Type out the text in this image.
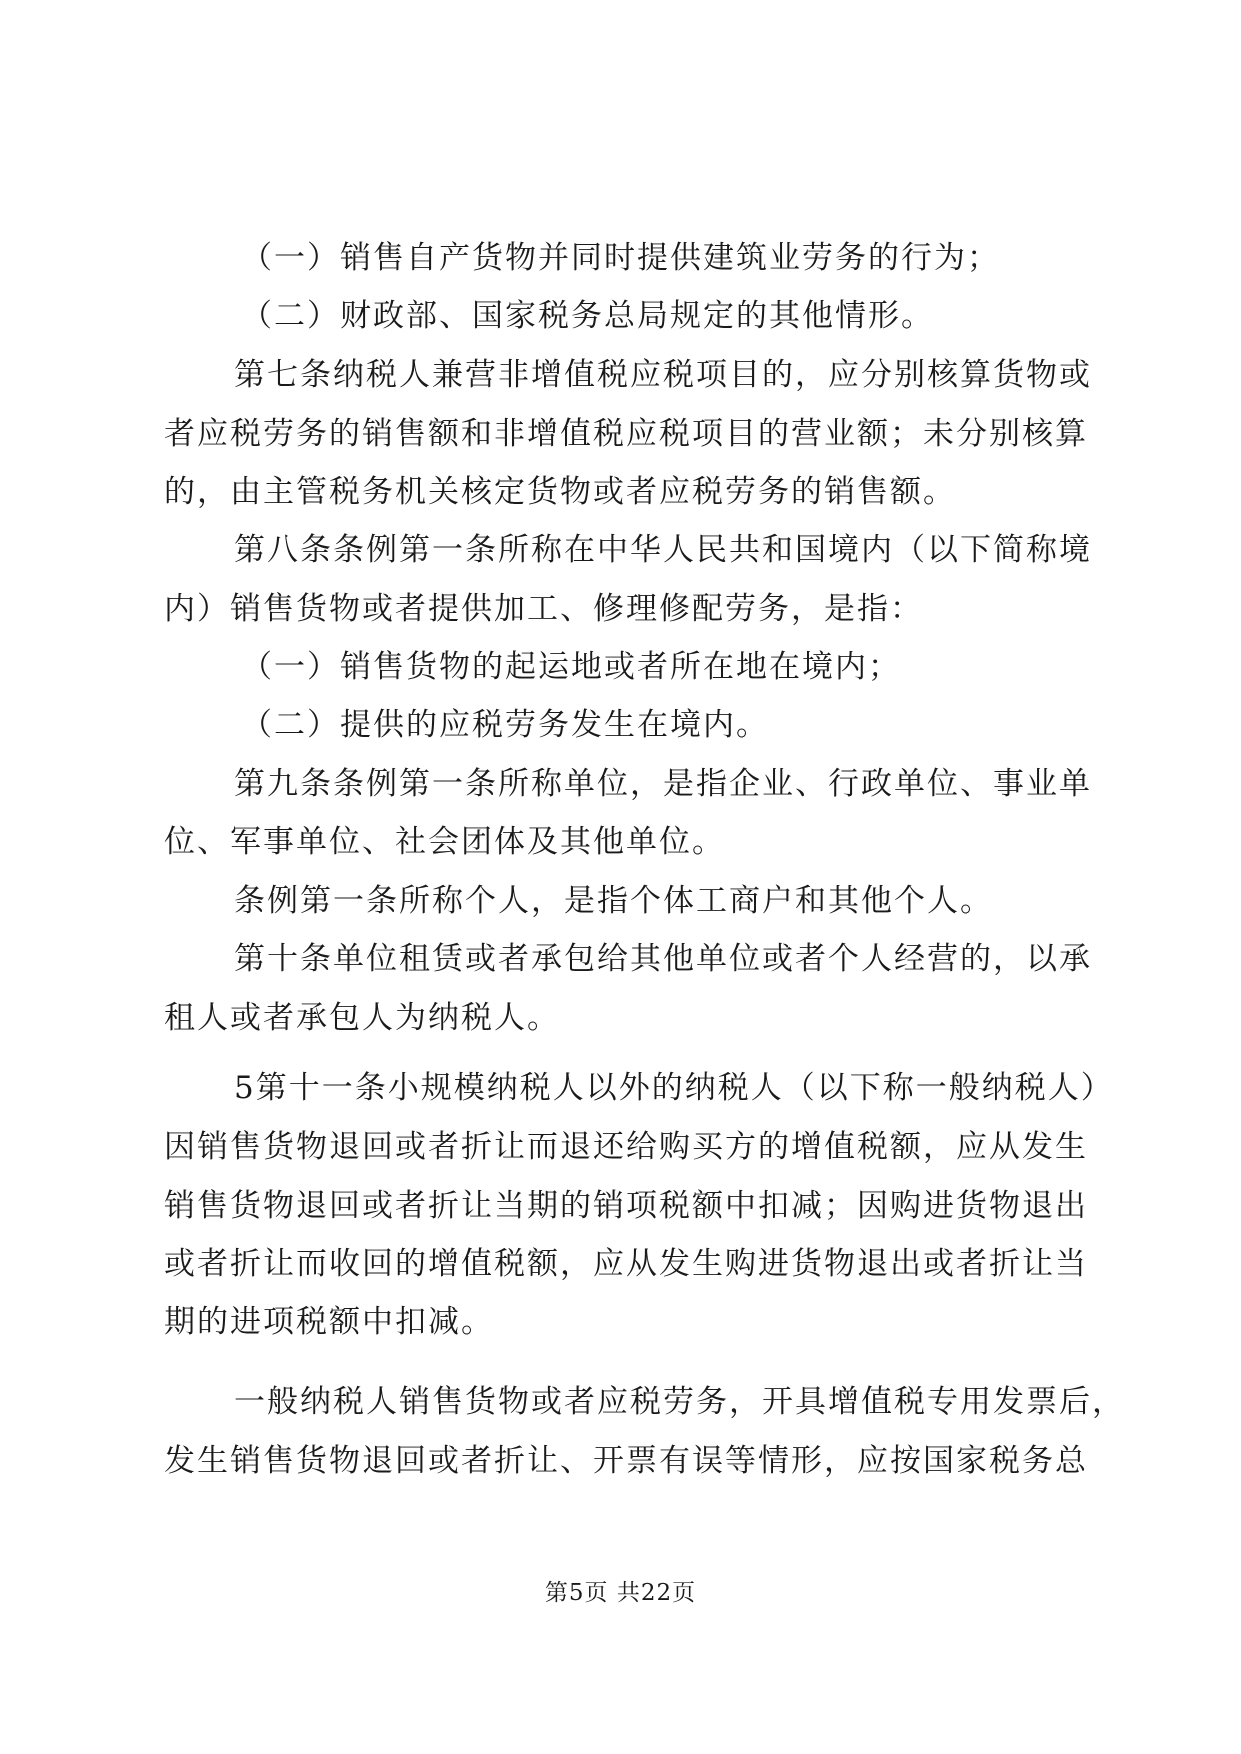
（一）销售自产货物并同时提供建筑业劳务的行为；
（二）财政部、国家税务总局规定的其他情形。
第七条纳税人兼营非增值税应税项目的，应分别核算货物或
者应税劳务的销售额和非增值税应税项目的营业额；未分别核算
的，由主管税务机关核定货物或者应税劳务的销售额。
第八条条例第一条所称在中华人民共和国境内（以下简称境
内）销售货物或者提供加工、修理修配劳务，是指：
（一）销售货物的起运地或者所在地在境内；
（二）提供的应税劳务发生在境内。
第九条条例第一条所称单位，是指企业、行政单位、事业单
位、军事单位、社会团体及其他单位。
条例第一条所称个人，是指个体工商户和其他个人。
第十条单位租赁或者承包给其他单位或者个人经营的，以承
租人或者承包人为纳税人。
5第十一条小规模纳税人以外的纳税人（以下称一般纳税人）
因销售货物退回或者折让而退还给购买方的增值税额，应从发生
销售货物退回或者折让当期的销项税额中扣减；因购进货物退出
或者折让而收回的增值税额，应从发生购进货物退出或者折让当
期的进项税额中扣减。
一般纳税人销售货物或者应税劳务，开具增值税专用发票后，
发生销售货物退回或者折让、开票有误等情形，应按国家税务总
第5页 共22页
